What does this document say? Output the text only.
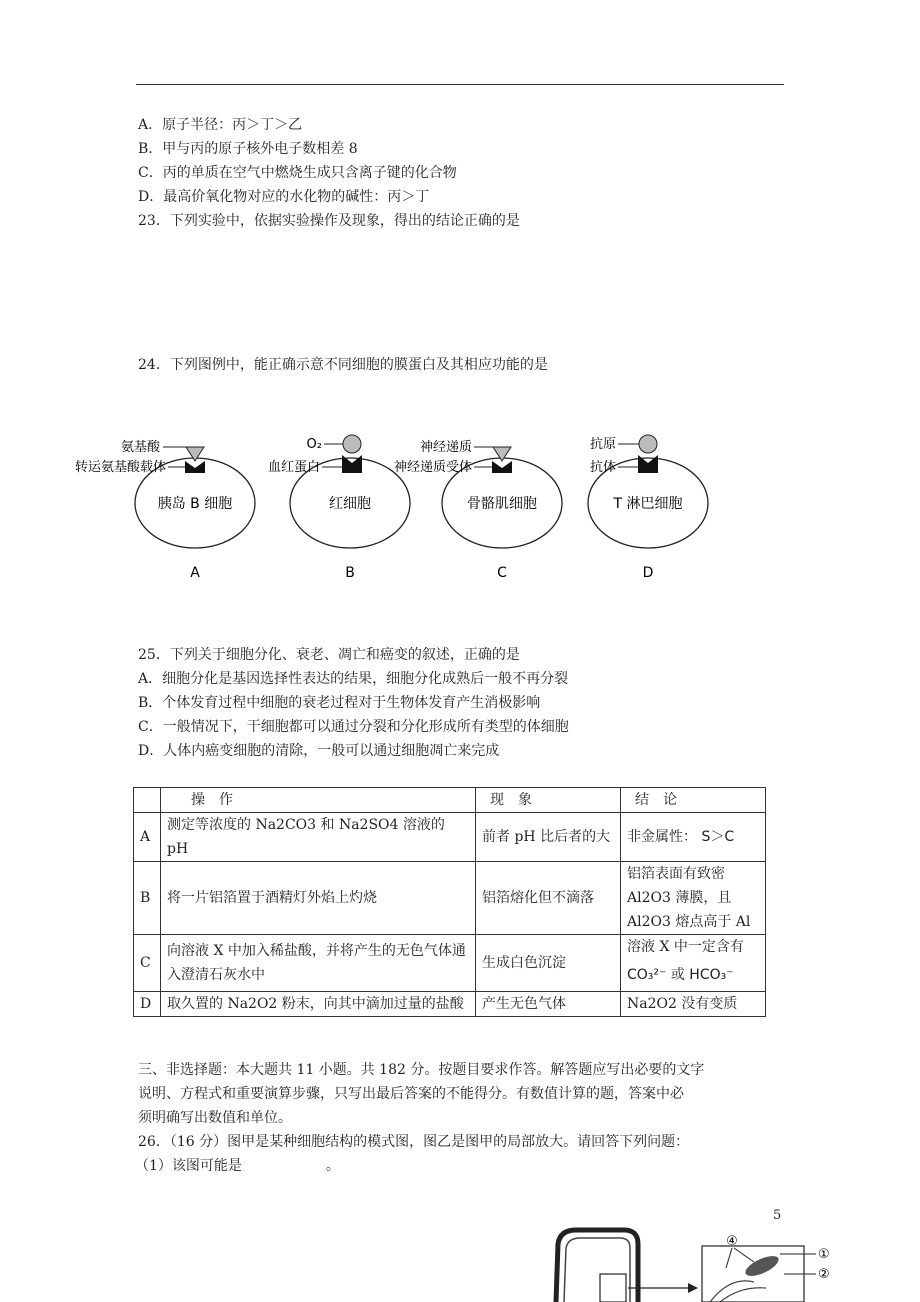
A．原子半径：丙＞丁＞乙
B．甲与丙的原子核外电子数相差 8
C．丙的单质在空气中燃烧生成只含离子键的化合物
D．最高价氧化物对应的水化物的碱性：丙＞丁
23．下列实验中，依据实验操作及现象，得出的结论正确的是
24．下列图例中，能正确示意不同细胞的膜蛋白及其相应功能的是
胰岛 B 细胞
氨基酸
转运氨基酸载体
A
红细胞
O₂
血红蛋白
B
骨骼肌细胞
神经递质
神经递质受体
C
T 淋巴细胞
抗原
抗体
D
25．下列关于细胞分化、衰老、凋亡和癌变的叙述，正确的是
A．细胞分化是基因选择性表达的结果，细胞分化成熟后一般不再分裂
B．个体发育过程中细胞的衰老过程对于生物体发育产生消极影响
C．一般情况下，干细胞都可以通过分裂和分化形成所有类型的体细胞
D．人体内癌变细胞的清除，一般可以通过细胞凋亡来完成
	操　作	现　象	结　论
A	测定等浓度的 Na2CO3 和 Na2SO4 溶液的 pH	前者 pH 比后者的大	非金属性： S＞C
B	将一片铝箔置于酒精灯外焰上灼烧	铝箔熔化但不滴落	铝箔表面有致密 Al2O3 薄膜，且 Al2O3 熔点高于 Al
C	向溶液 X 中加入稀盐酸，并将产生的无色气体通入澄清石灰水中	生成白色沉淀	溶液 X 中一定含有
CO₃²⁻ 或 HCO₃⁻

D	取久置的 Na2O2 粉末，向其中滴加过量的盐酸	产生无色气体	Na2O2 没有变质
三、非选择题：本大题共 11 小题。共 182 分。按题目要求作答。解答题应写出必要的文字
说明、方程式和重要演算步骤，只写出最后答案的不能得分。有数值计算的题，答案中必
须明确写出数值和单位。
26．（16 分）图甲是某种细胞结构的模式图，图乙是图甲的局部放大。请回答下列问题：
（1）该图可能是　　　　　　。
5
④
①
②
